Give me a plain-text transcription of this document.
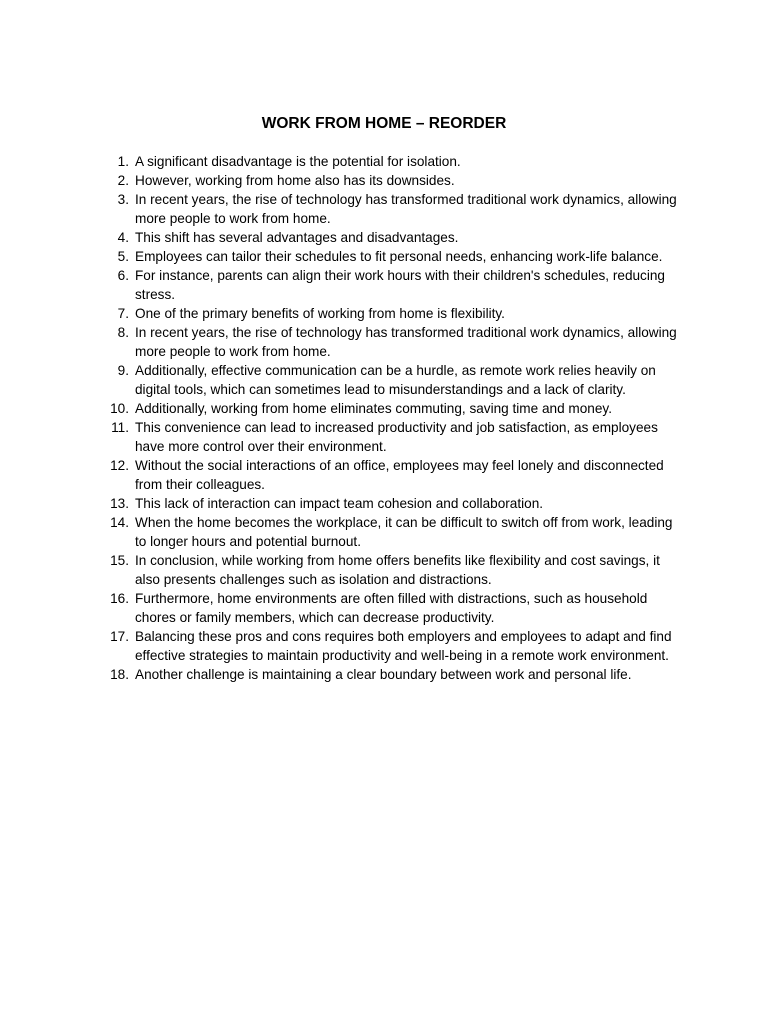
WORK FROM HOME – REORDER
1. A significant disadvantage is the potential for isolation.
2. However, working from home also has its downsides.
3. In recent years, the rise of technology has transformed traditional work dynamics, allowing more people to work from home.
4. This shift has several advantages and disadvantages.
5. Employees can tailor their schedules to fit personal needs, enhancing work-life balance.
6. For instance, parents can align their work hours with their children's schedules, reducing stress.
7. One of the primary benefits of working from home is flexibility.
8. In recent years, the rise of technology has transformed traditional work dynamics, allowing more people to work from home.
9. Additionally, effective communication can be a hurdle, as remote work relies heavily on digital tools, which can sometimes lead to misunderstandings and a lack of clarity.
10. Additionally, working from home eliminates commuting, saving time and money.
11. This convenience can lead to increased productivity and job satisfaction, as employees have more control over their environment.
12. Without the social interactions of an office, employees may feel lonely and disconnected from their colleagues.
13. This lack of interaction can impact team cohesion and collaboration.
14. When the home becomes the workplace, it can be difficult to switch off from work, leading to longer hours and potential burnout.
15. In conclusion, while working from home offers benefits like flexibility and cost savings, it also presents challenges such as isolation and distractions.
16. Furthermore, home environments are often filled with distractions, such as household chores or family members, which can decrease productivity.
17. Balancing these pros and cons requires both employers and employees to adapt and find effective strategies to maintain productivity and well-being in a remote work environment.
18. Another challenge is maintaining a clear boundary between work and personal life.
